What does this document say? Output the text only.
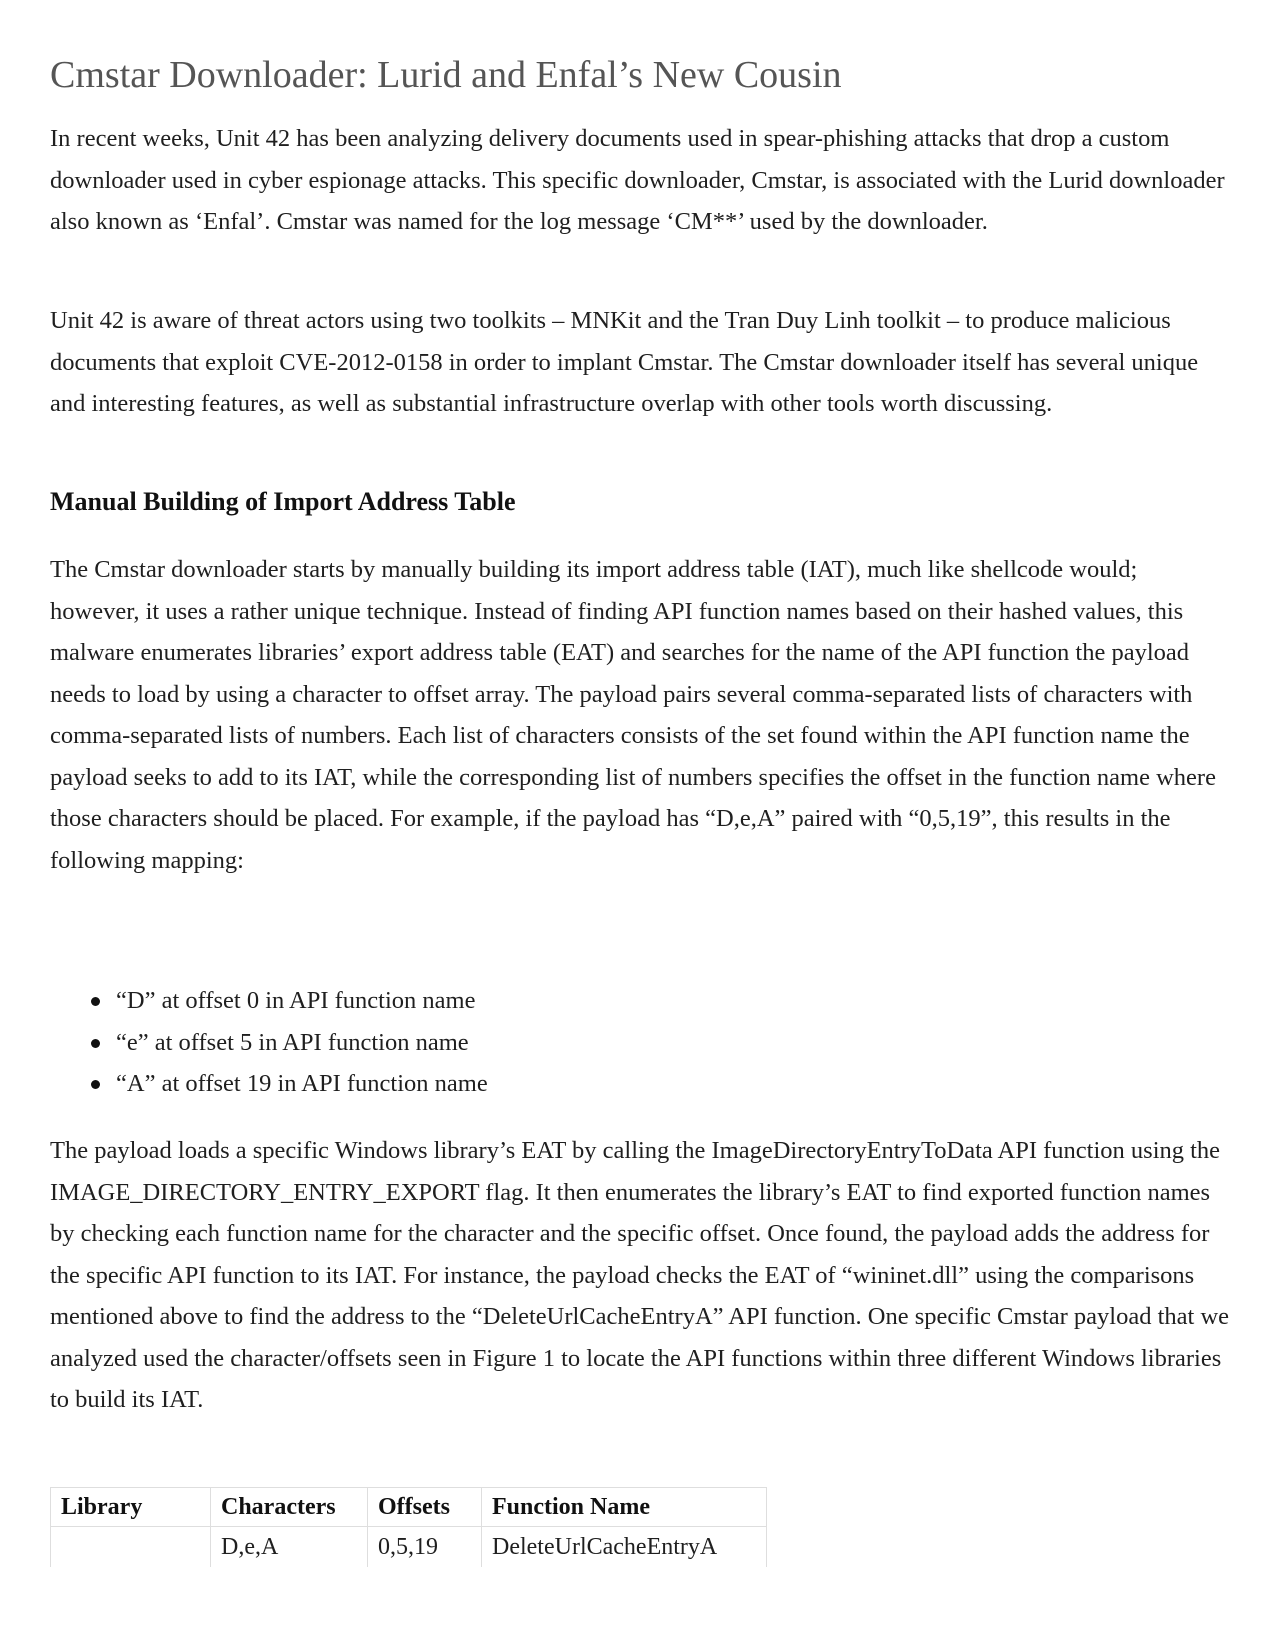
Cmstar Downloader: Lurid and Enfal’s New Cousin

In recent weeks, Unit 42 has been analyzing delivery documents used in spear-phishing attacks that drop a custom downloader used in cyber espionage attacks. This specific downloader, Cmstar, is associated with the Lurid downloader also known as ‘Enfal’. Cmstar was named for the log message ‘CM**’ used by the downloader.

Unit 42 is aware of threat actors using two toolkits – MNKit and the Tran Duy Linh toolkit – to produce malicious documents that exploit CVE-2012-0158 in order to implant Cmstar. The Cmstar downloader itself has several unique and interesting features, as well as substantial infrastructure overlap with other tools worth discussing.

Manual Building of Import Address Table

The Cmstar downloader starts by manually building its import address table (IAT), much like shellcode would; however, it uses a rather unique technique. Instead of finding API function names based on their hashed values, this malware enumerates libraries’ export address table (EAT) and searches for the name of the API function the payload needs to load by using a character to offset array. The payload pairs several comma-separated lists of characters with comma-separated lists of numbers. Each list of characters consists of the set found within the API function name the payload seeks to add to its IAT, while the corresponding list of numbers specifies the offset in the function name where those characters should be placed. For example, if the payload has “D,e,A” paired with “0,5,19”, this results in the following mapping:

“D” at offset 0 in API function name
“e” at offset 5 in API function name
“A” at offset 19 in API function name

The payload loads a specific Windows library’s EAT by calling the ImageDirectoryEntryToData API function using the IMAGE_DIRECTORY_ENTRY_EXPORT flag. It then enumerates the library’s EAT to find exported function names by checking each function name for the character and the specific offset. Once found, the payload adds the address for the specific API function to its IAT. For instance, the payload checks the EAT of “wininet.dll” using the comparisons mentioned above to find the address to the “DeleteUrlCacheEntryA” API function. One specific Cmstar payload that we analyzed used the character/offsets seen in Figure 1 to locate the API functions within three different Windows libraries to build its IAT.

Library	Characters	Offsets	Function Name
	D,e,A	0,5,19	DeleteUrlCacheEntryA
